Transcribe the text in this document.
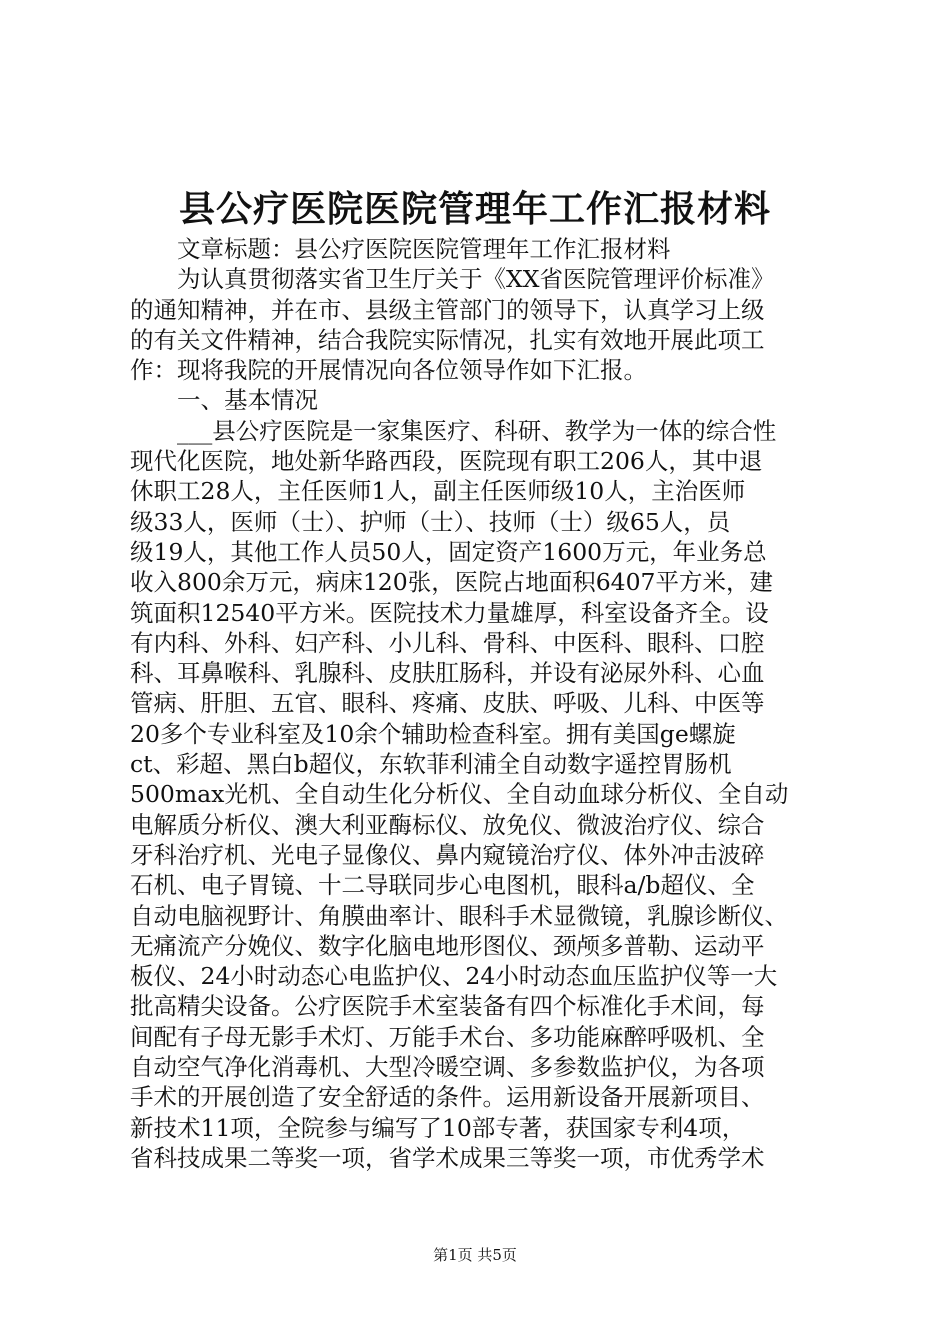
县公疗医院医院管理年工作汇报材料
文章标题：县公疗医院医院管理年工作汇报材料
为认真贯彻落实省卫生厅关于《XX省医院管理评价标准》
的通知精神，并在市、县级主管部门的领导下，认真学习上级
的有关文件精神，结合我院实际情况，扎实有效地开展此项工
作：现将我院的开展情况向各位领导作如下汇报。
一、基本情况
___县公疗医院是一家集医疗、科研、教学为一体的综合性
现代化医院，地处新华路西段，医院现有职工206人，其中退
休职工28人，主任医师1人，副主任医师级10人，主治医师
级33人，医师（士）、护师（士）、技师（士）级65人，员
级19人，其他工作人员50人，固定资产1600万元，年业务总
收入800余万元，病床120张，医院占地面积6407平方米，建
筑面积12540平方米。医院技术力量雄厚，科室设备齐全。设
有内科、外科、妇产科、小儿科、骨科、中医科、眼科、口腔
科、耳鼻喉科、乳腺科、皮肤肛肠科，并设有泌尿外科、心血
管病、肝胆、五官、眼科、疼痛、皮肤、呼吸、儿科、中医等
20多个专业科室及10余个辅助检查科室。拥有美国ge螺旋
ct、彩超、黑白b超仪，东软菲利浦全自动数字遥控胃肠机
500max光机、全自动生化分析仪、全自动血球分析仪、全自动
电解质分析仪、澳大利亚酶标仪、放免仪、微波治疗仪、综合
牙科治疗机、光电子显像仪、鼻内窥镜治疗仪、体外冲击波碎
石机、电子胃镜、十二导联同步心电图机，眼科a/b超仪、全
自动电脑视野计、角膜曲率计、眼科手术显微镜，乳腺诊断仪、
无痛流产分娩仪、数字化脑电地形图仪、颈颅多普勒、运动平
板仪、24小时动态心电监护仪、24小时动态血压监护仪等一大
批高精尖设备。公疗医院手术室装备有四个标准化手术间，每
间配有子母无影手术灯、万能手术台、多功能麻醉呼吸机、全
自动空气净化消毒机、大型冷暖空调、多参数监护仪，为各项
手术的开展创造了安全舒适的条件。运用新设备开展新项目、
新技术11项，全院参与编写了10部专著，获国家专利4项，
省科技成果二等奖一项，省学术成果三等奖一项，市优秀学术
第1页 共5页
